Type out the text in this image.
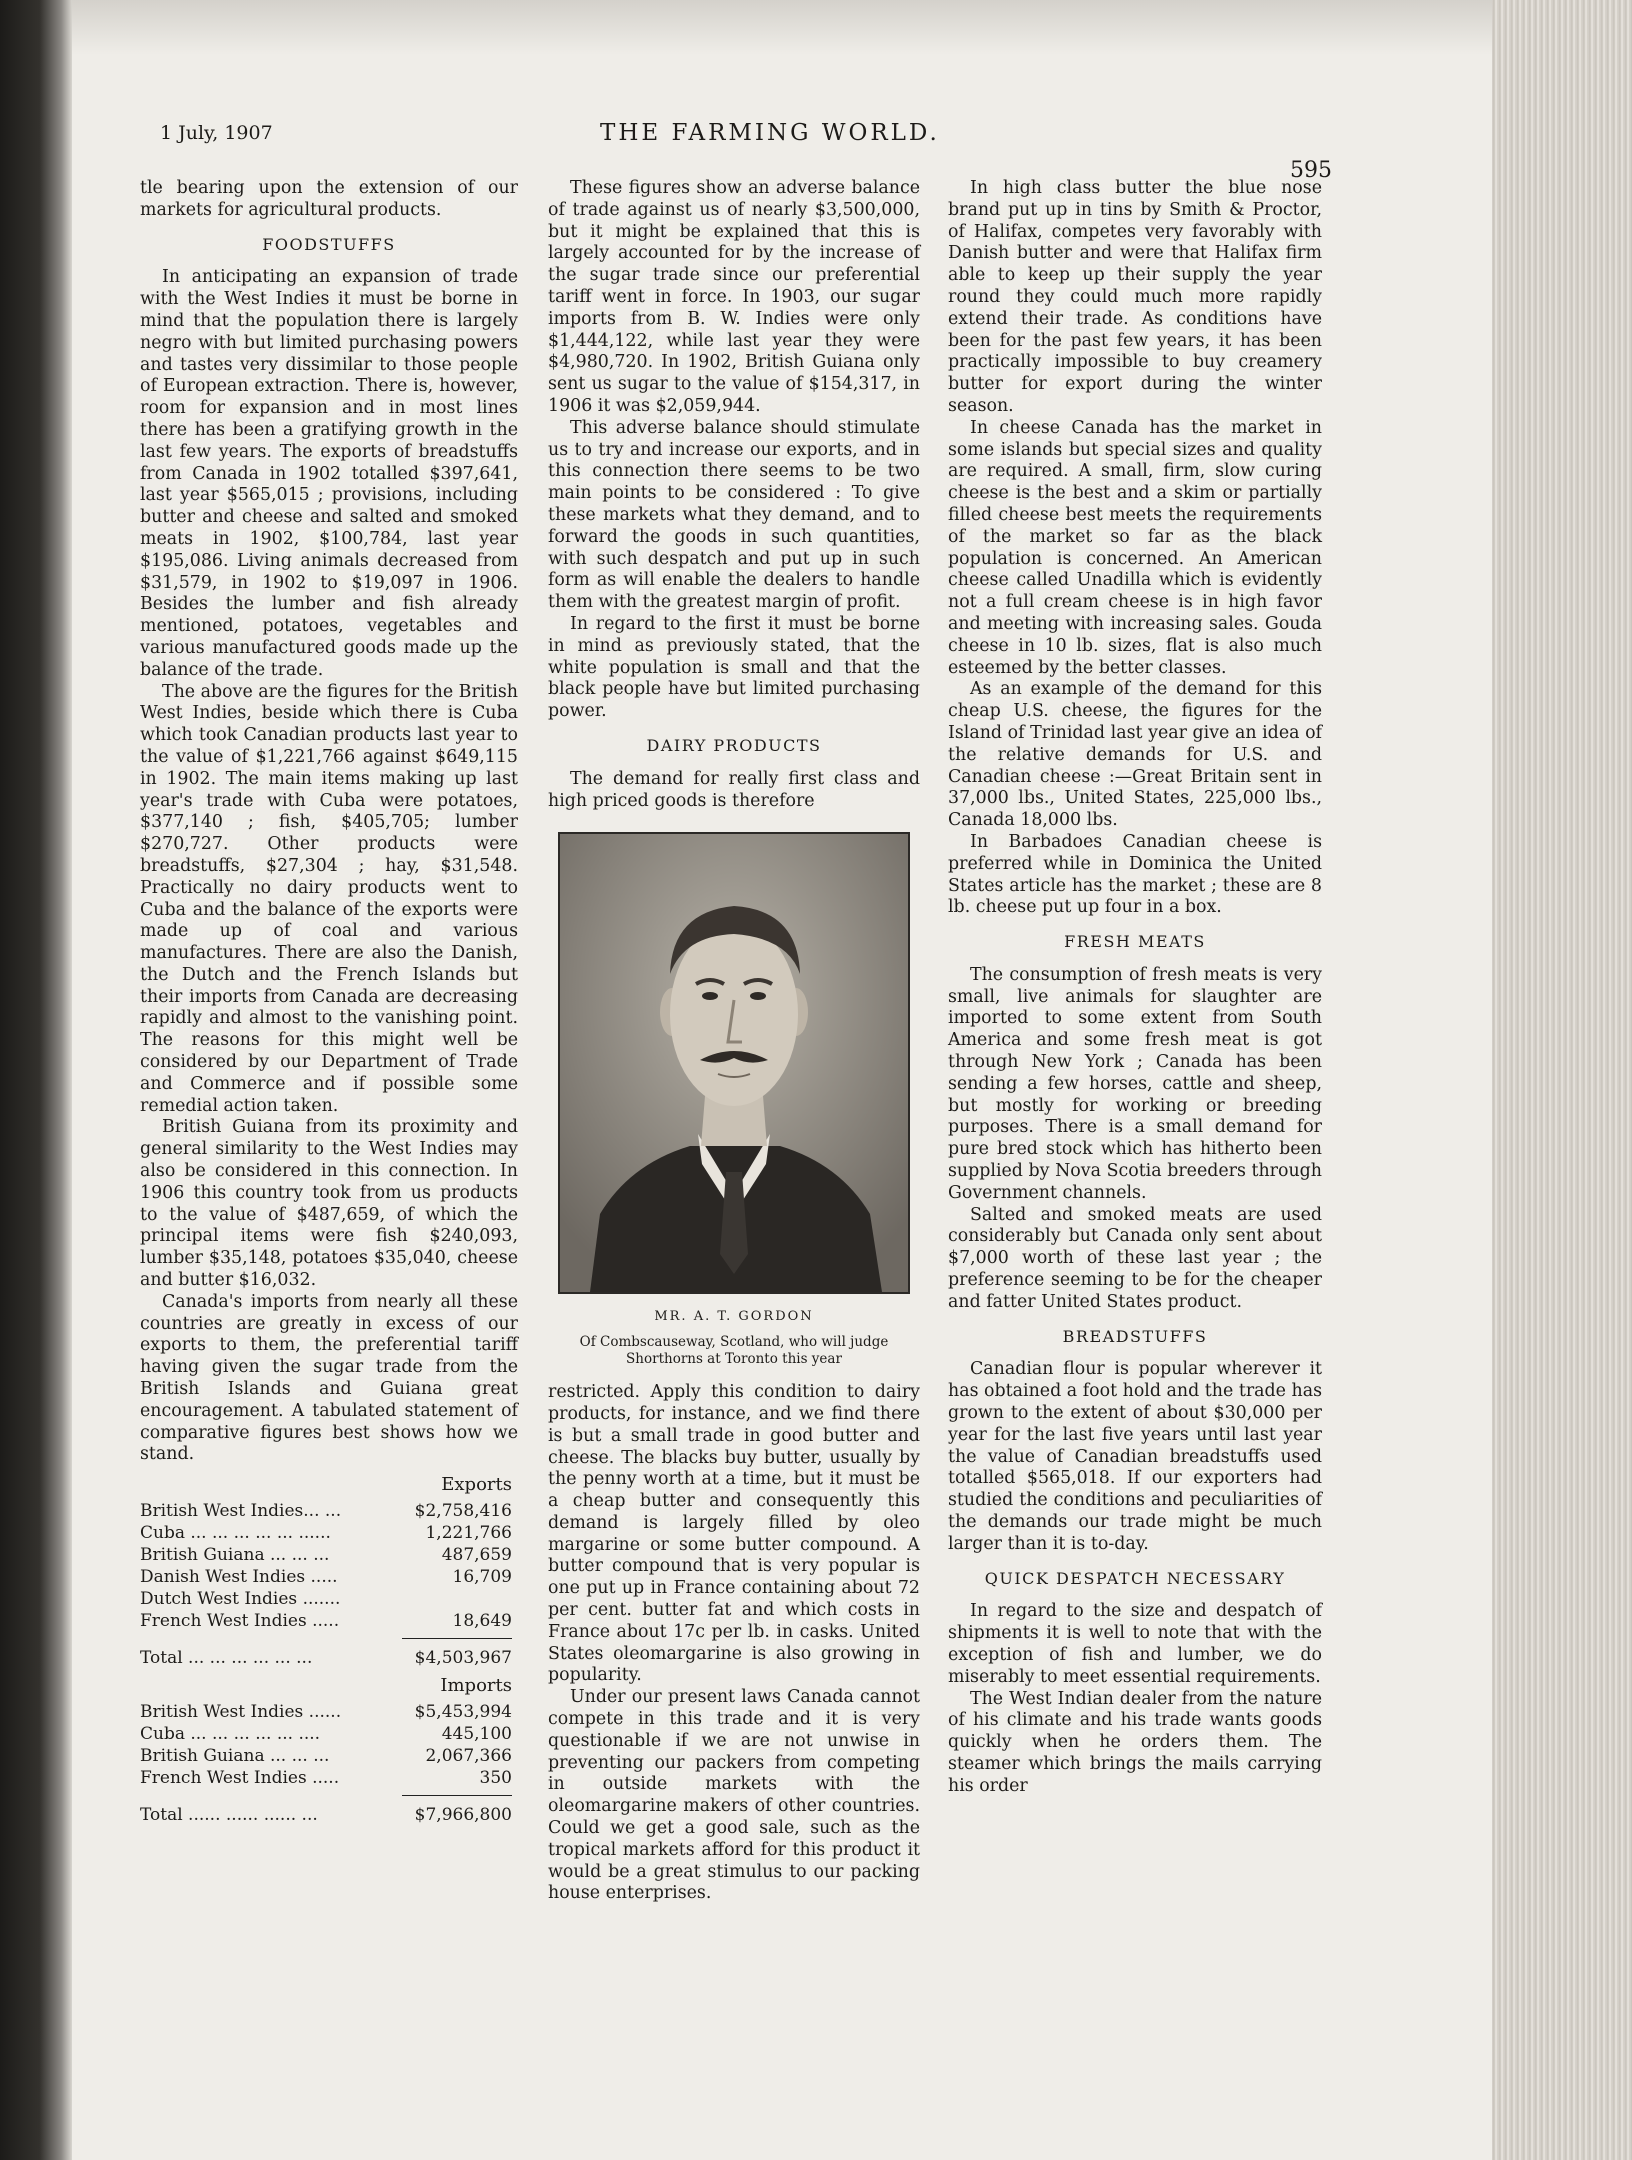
1 July, 1907	THE FARMING WORLD.
595

tle bearing upon the extension of our markets for agricultural products.

FOODSTUFFS

In anticipating an expansion of trade with the West Indies it must be borne in mind that the population there is largely negro with but limited purchasing powers and tastes very dissimilar to those people of European extraction. There is, however, room for expansion and in most lines there has been a gratifying growth in the last few years. The exports of breadstuffs from Canada in 1902 totalled $397,641, last year $565,015 ; provisions, including butter and cheese and salted and smoked meats in 1902, $100,784, last year $195,086. Living animals decreased from $31,579, in 1902 to $19,097 in 1906. Besides the lumber and fish already mentioned, potatoes, vegetables and various manufactured goods made up the balance of the trade.

The above are the figures for the British West Indies, beside which there is Cuba which took Canadian products last year to the value of $1,221,766 against $649,115 in 1902. The main items making up last year's trade with Cuba were potatoes, $377,140 ; fish, $405,705; lumber $270,727. Other products were breadstuffs, $27,304 ; hay, $31,548. Practically no dairy products went to Cuba and the balance of the exports were made up of coal and various manufactures. There are also the Danish, the Dutch and the French Islands but their imports from Canada are decreasing rapidly and almost to the vanishing point. The reasons for this might well be considered by our Department of Trade and Commerce and if possible some remedial action taken.

British Guiana from its proximity and general similarity to the West Indies may also be considered in this connection. In 1906 this country took from us products to the value of $487,659, of which the principal items were fish $240,093, lumber $35,148, potatoes $35,040, cheese and butter $16,032.

Canada's imports from nearly all these countries are greatly in excess of our exports to them, the preferential tariff having given the sugar trade from the British Islands and Guiana great encouragement. A tabulated statement of comparative figures best shows how we stand.

Exports
British West Indies... ...	$2,758,416
Cuba ... ... ... ... ... ......	1,221,766
British Guiana ... ... ...	487,659
Danish West Indies .....	16,709
Dutch West Indies .......
French West Indies .....	18,649
Total ... ... ... ... ... ...	$4,503,967
Imports
British West Indies ......	$5,453,994
Cuba ... ... ... ... ... ....	445,100
British Guiana ... ... ...	2,067,366
French West Indies .....	350
Total ...... ...... ...... ...	$7,966,800

These figures show an adverse balance of trade against us of nearly $3,500,000, but it might be explained that this is largely accounted for by the increase of the sugar trade since our preferential tariff went in force. In 1903, our sugar imports from B. W. Indies were only $1,444,122, while last year they were $4,980,720. In 1902, British Guiana only sent us sugar to the value of $154,317, in 1906 it was $2,059,944.

This adverse balance should stimulate us to try and increase our exports, and in this connection there seems to be two main points to be considered : To give these markets what they demand, and to forward the goods in such quantities, with such despatch and put up in such form as will enable the dealers to handle them with the greatest margin of profit.

In regard to the first it must be borne in mind as previously stated, that the white population is small and that the black people have but limited purchasing power.

DAIRY PRODUCTS

The demand for really first class and high priced goods is therefore

MR. A. T. GORDON
Of Combscauseway, Scotland, who will judge Shorthorns at Toronto this year

restricted. Apply this condition to dairy products, for instance, and we find there is but a small trade in good butter and cheese. The blacks buy butter, usually by the penny worth at a time, but it must be a cheap butter and consequently this demand is largely filled by oleo margarine or some butter compound. A butter compound that is very popular is one put up in France containing about 72 per cent. butter fat and which costs in France about 17c per lb. in casks. United States oleomargarine is also growing in popularity.

Under our present laws Canada cannot compete in this trade and it is very questionable if we are not unwise in preventing our packers from competing in outside markets with the oleomargarine makers of other countries. Could we get a good sale, such as the tropical markets afford for this product it would be a great stimulus to our packing house enterprises.

In high class butter the blue nose brand put up in tins by Smith & Proctor, of Halifax, competes very favorably with Danish butter and were that Halifax firm able to keep up their supply the year round they could much more rapidly extend their trade. As conditions have been for the past few years, it has been practically impossible to buy creamery butter for export during the winter season.

In cheese Canada has the market in some islands but special sizes and quality are required. A small, firm, slow curing cheese is the best and a skim or partially filled cheese best meets the requirements of the market so far as the black population is concerned. An American cheese called Unadilla which is evidently not a full cream cheese is in high favor and meeting with increasing sales. Gouda cheese in 10 lb. sizes, flat is also much esteemed by the better classes.

As an example of the demand for this cheap U.S. cheese, the figures for the Island of Trinidad last year give an idea of the relative demands for U.S. and Canadian cheese :—Great Britain sent in 37,000 lbs., United States, 225,000 lbs., Canada 18,000 lbs.

In Barbadoes Canadian cheese is preferred while in Dominica the United States article has the market ; these are 8 lb. cheese put up four in a box.

FRESH MEATS

The consumption of fresh meats is very small, live animals for slaughter are imported to some extent from South America and some fresh meat is got through New York ; Canada has been sending a few horses, cattle and sheep, but mostly for working or breeding purposes. There is a small demand for pure bred stock which has hitherto been supplied by Nova Scotia breeders through Government channels.

Salted and smoked meats are used considerably but Canada only sent about $7,000 worth of these last year ; the preference seeming to be for the cheaper and fatter United States product.

BREADSTUFFS

Canadian flour is popular wherever it has obtained a foot hold and the trade has grown to the extent of about $30,000 per year for the last five years until last year the value of Canadian breadstuffs used totalled $565,018. If our exporters had studied the conditions and peculiarities of the demands our trade might be much larger than it is to-day.

QUICK DESPATCH NECESSARY

In regard to the size and despatch of shipments it is well to note that with the exception of fish and lumber, we do miserably to meet essential requirements.

The West Indian dealer from the nature of his climate and his trade wants goods quickly when he orders them. The steamer which brings the mails carrying his order
